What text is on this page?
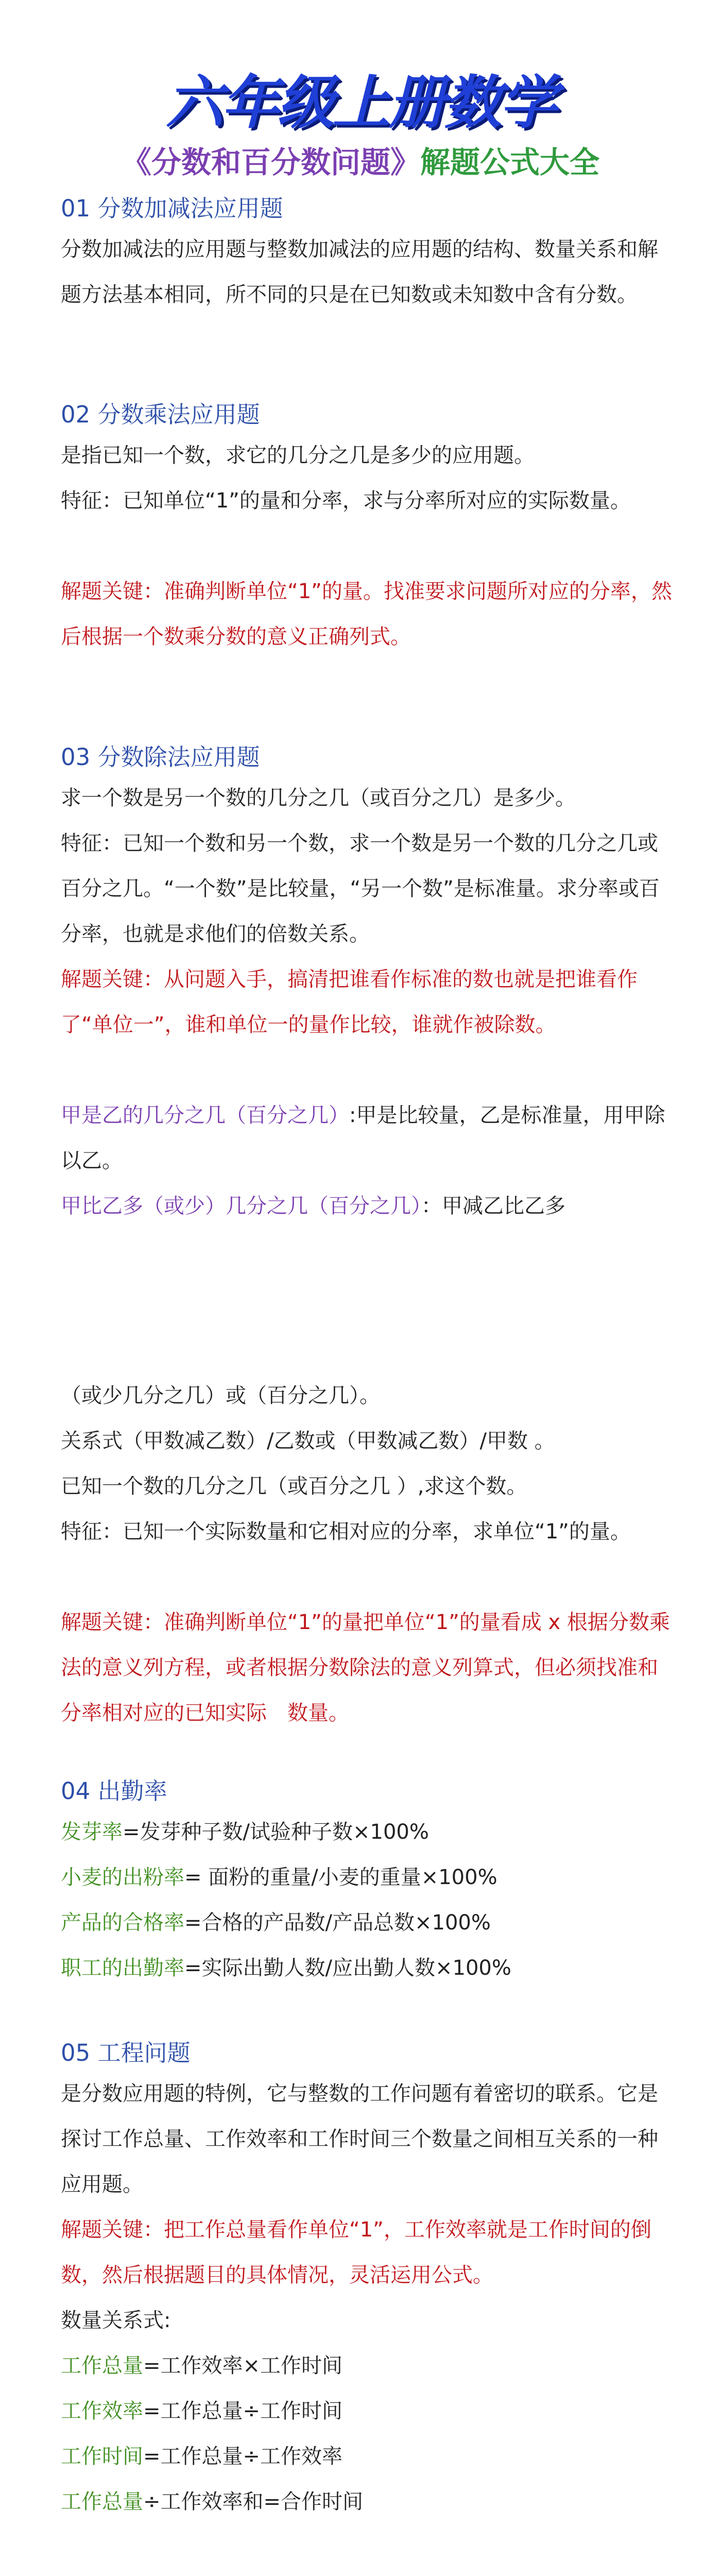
六年级上册数学
《分数和百分数问题》解题公式大全
01 分数加减法应用题

分数加减法的应用题与整数加减法的应用题的结构、数量关系和解题方法基本相同，所不同的只是在已知数或未知数中含有分数。

02 分数乘法应用题

是指已知一个数，求它的几分之几是多少的应用题。

特征：已知单位“1”的量和分率，求与分率所对应的实际数量。

解题关键：准确判断单位“1”的量。找准要求问题所对应的分率，然后根据一个数乘分数的意义正确列式。

03 分数除法应用题

求一个数是另一个数的几分之几（或百分之几）是多少。

特征：已知一个数和另一个数，求一个数是另一个数的几分之几或百分之几。“一个数”是比较量，“另一个数”是标准量。求分率或百分率，也就是求他们的倍数关系。

解题关键：从问题入手，搞清把谁看作标准的数也就是把谁看作了“单位一”，谁和单位一的量作比较，谁就作被除数。

甲是乙的几分之几（百分之几）:甲是比较量，乙是标准量，用甲除以乙。

甲比乙多（或少）几分之几（百分之几）：甲减乙比乙多

（或少几分之几）或（百分之几）。

关系式（甲数减乙数）/乙数或（甲数减乙数）/甲数 。

已知一个数的几分之几（或百分之几 ）,求这个数。

特征：已知一个实际数量和它相对应的分率，求单位“1”的量。

解题关键：准确判断单位“1”的量把单位“1”的量看成 x 根据分数乘法的意义列方程，或者根据分数除法的意义列算式，但必须找准和分率相对应的已知实际　数量。

04 出勤率

发芽率=发芽种子数/试验种子数×100%

小麦的出粉率= 面粉的重量/小麦的重量×100%

产品的合格率=合格的产品数/产品总数×100%

职工的出勤率=实际出勤人数/应出勤人数×100%

05 工程问题

是分数应用题的特例，它与整数的工作问题有着密切的联系。它是探讨工作总量、工作效率和工作时间三个数量之间相互关系的一种应用题。

解题关键：把工作总量看作单位“1”，工作效率就是工作时间的倒数，然后根据题目的具体情况，灵活运用公式。

数量关系式:

工作总量=工作效率×工作时间

工作效率=工作总量÷工作时间

工作时间=工作总量÷工作效率

工作总量÷工作效率和=合作时间
